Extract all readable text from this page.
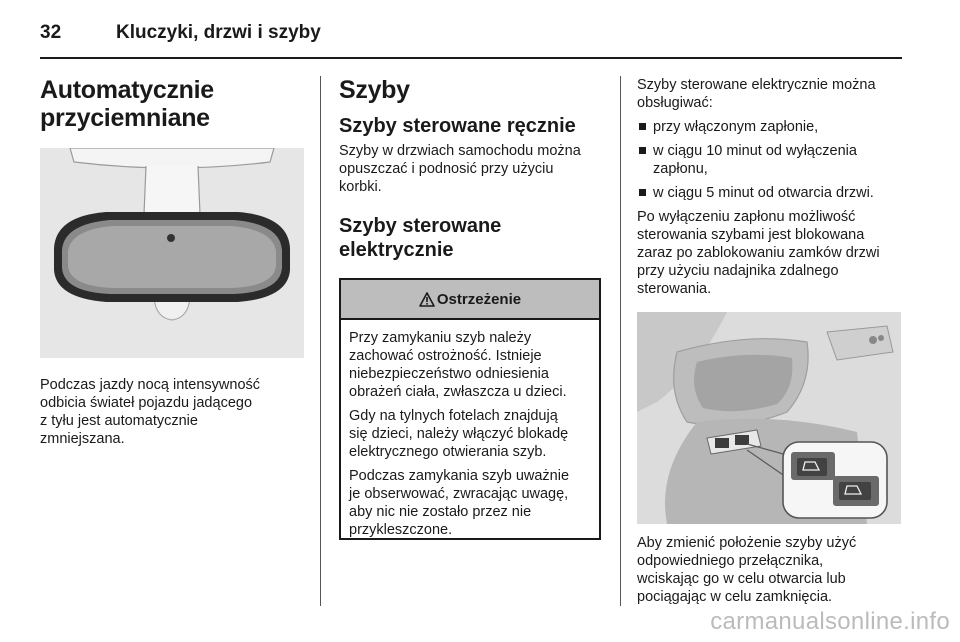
32	Kluczyki, drzwi i szyby
Automatycznie
przyciemniane

Podczas jazdy nocą intensywność
odbicia świateł pojazdu jadącego
z tyłu jest automatycznie
zmniejszana.

Szyby
Szyby sterowane ręcznie

Szyby w drzwiach samochodu można
opuszczać i podnosić przy użyciu
korbki.

Szyby sterowane
elektrycznie
Ostrzeżenie

Przy zamykaniu szyb należy
zachować ostrożność. Istnieje
niebezpieczeństwo odniesienia
obrażeń ciała, zwłaszcza u dzieci.

Gdy na tylnych fotelach znajdują
się dzieci, należy włączyć blokadę
elektrycznego otwierania szyb.

Podczas zamykania szyb uważnie
je obserwować, zwracając uwagę,
aby nic nie zostało przez nie
przykleszczone.

Szyby sterowane elektrycznie można
obsługiwać:

przy włączonym zapłonie,
w ciągu 10 minut od wyłączenia
zapłonu,
w ciągu 5 minut od otwarcia drzwi.

Po wyłączeniu zapłonu możliwość
sterowania szybami jest blokowana
zaraz po zablokowaniu zamków drzwi
przy użyciu nadajnika zdalnego
sterowania.

Aby zmienić położenie szyby użyć
odpowiedniego przełącznika,
wciskając go w celu otwarcia lub
pociągając w celu zamknięcia.

carmanualsonline.info
